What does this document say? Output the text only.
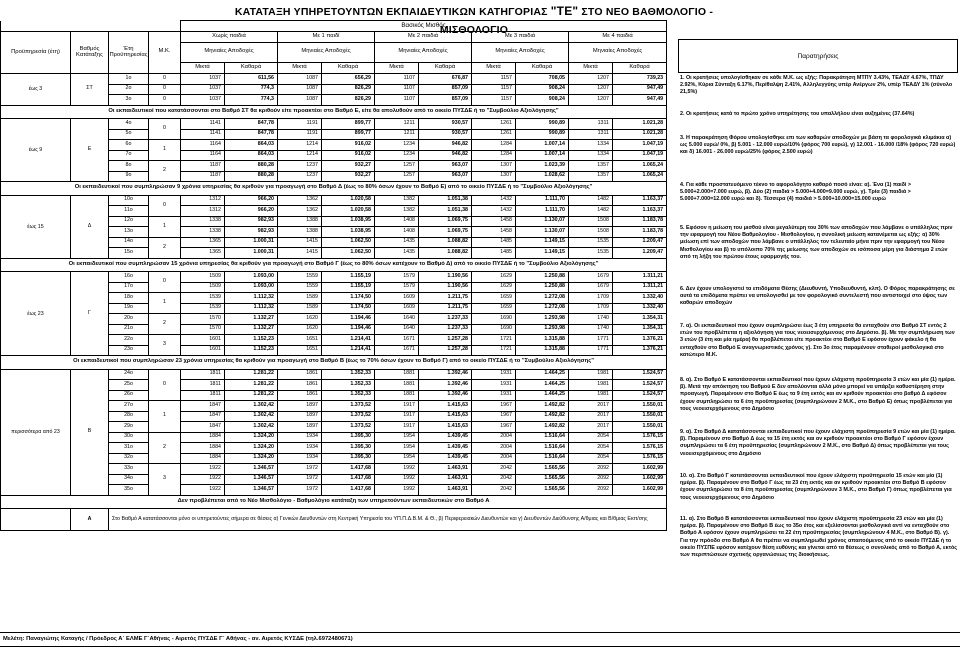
ΚΑΤΑΤΑΞΗ ΥΠΗΡΕΤΟΥΝΤΩΝ ΕΚΠΑΙΔΕΥΤΙΚΩΝ ΚΑΤΗΓΟΡΙΑΣ "ΤΕ" ΣΤΟ ΝΕΟ ΒΑΘΜΟΛΟΓΙΟ - ΜΙΣΘΟΛΟΓΙΟ
				Βασικός Μισθός									
Προϋπηρεσία (έτη)	Βαθμός Κατάταξης	Έτη Προϋπηρεσίας	Μ.Κ.	Χωρίς παιδιά		Με 1 παιδί		Με 2 παιδιά		Με 3 παιδιά		Με 4 παιδιά	
				Μηνιαίες Αποδοχές		Μηνιαίες Αποδοχές		Μηνιαίες Αποδοχές		Μηνιαίες Αποδοχές		Μηνιαίες Αποδοχές	
				Μικτά	Καθαρά	Μικτά	Καθαρά	Μικτά	Καθαρά	Μικτά	Καθαρά	Μικτά	Καθαρά
έως 3	ΣΤ	1ο	0	1037	611,56	1087	656,29	1107	676,87	1157	708,05	1207	739,23
		2ο	0	1037	774,3	1087	826,29	1107	857,09	1157	908,24	1207	947,49
		3ο	0	1037	774,3	1087	826,29	1107	857,09	1157	908,24	1207	947,49
Οι εκπαιδευτικοί που κατατάσσονται στο Βαθμό ΣΤ θα κριθούν είτε προακτέοι στο Βαθμό Ε, είτε θα απολυθούν από το οικείο ΠΥΣΔΕ ή το "Συμβούλιο Αξιολόγησης"													
έως 9	Ε	4ο	0	1141	847,78	1191	899,77	1211	930,57	1261	990,89	1311	1.021,28
		5ο		1141	847,78	1191	899,77	1211	930,57	1261	990,89	1311	1.021,28
		6ο	1	1164	864,03	1214	916,02	1234	946,82	1284	1.007,14	1334	1.047,19
		7ο		1164	864,03	1214	916,02	1234	946,82	1284	1.007,14	1334	1.047,19
		8ο	2	1187	880,28	1237	932,27	1257	963,07	1307	1.023,39	1357	1.065,24
		9ο		1187	880,28	1237	932,27	1257	963,07	1307	1.028,62	1357	1.065,24
Οι εκπαιδευτικοί που συμπληρώσαν 9 χρόνια υπηρεσίας θα κριθούν για προαγωγή στο Βαθμό Δ (έως το 80% όσων έχουν το Βαθμό Ε) από το οικείο ΠΥΣΔΕ ή το "Συμβούλιο Αξιολόγησης"													
έως 15	Δ	10ο	0	1312	966,20	1362	1.020,58	1382	1.051,38	1432	1.111,70	1482	1.163,37
		11ο		1312	966,20	1362	1.020,58	1382	1.051,38	1432	1.111,70	1482	1.163,37
		12ο	1	1338	982,93	1388	1.038,95	1408	1.069,75	1458	1.130,07	1508	1.183,78
		13ο		1338	982,93	1388	1.038,95	1408	1.069,75	1458	1.130,07	1508	1.183,78
		14ο	2	1365	1.000,31	1415	1.062,50	1435	1.088,82	1485	1.149,15	1535	1.209,47
		15ο		1365	1.000,31	1415	1.062,50	1435	1.088,82	1485	1.149,15	1535	1.209,47
Οι εκπαιδευτικοί που συμπληρώσαν 15 χρόνια υπηρεσίας θα κριθούν για προαγωγή στο Βαθμό Γ (έως το 80% όσων κατέχουν το Βαθμό Δ) από το οικείο ΠΥΣΔΕ ή το "Συμβούλιο Αξιολόγησης"													
έως 23	Γ	16ο	0	1509	1.093,00	1559	1.155,19	1579	1.190,56	1629	1.250,88	1679	1.311,21
		17ο		1509	1.093,00	1559	1.155,19	1579	1.190,56	1629	1.250,88	1679	1.311,21
		18ο	1	1539	1.112,32	1589	1.174,50	1609	1.211,75	1659	1.272,08	1709	1.332,40
		19ο		1539	1.112,32	1589	1.174,50	1609	1.211,75	1659	1.272,08	1709	1.332,40
		20ο	2	1570	1.132,27	1620	1.194,46	1640	1.237,33	1690	1.293,98	1740	1.354,31
		21ο		1570	1.132,27	1620	1.194,46	1640	1.237,33	1690	1.293,98	1740	1.354,31
		22ο	3	1601	1.152,23	1651	1.214,41	1671	1.257,28	1721	1.315,88	1771	1.376,21
		23ο		1601	1.152,23	1651	1.214,41	1671	1.257,28	1721	1.315,88	1771	1.376,21
Οι εκπαιδευτικοί που συμπληρώσαν 23 χρόνια υπηρεσίας θα κριθούν για προαγωγή στο Βαθμό Β (έως το 70% όσων έχουν το Βαθμό Γ) από το οικείο ΠΥΣΔΕ ή το "Συμβούλιο Αξιολόγησης"													
περισσότερα από 23	Β	24ο	0	1811	1.281,22	1861	1.352,33	1881	1.392,46	1931	1.464,25	1981	1.524,57
		25ο		1811	1.281,22	1861	1.352,33	1881	1.392,46	1931	1.464,25	1981	1.524,57
		26ο		1811	1.281,22	1861	1.352,33	1881	1.392,46	1931	1.464,25	1981	1.524,57
		27ο	1	1847	1.302,42	1897	1.373,52	1917	1.415,63	1967	1.492,82	2017	1.550,01
		28ο		1847	1.302,42	1897	1.373,52	1917	1.415,63	1967	1.492,82	2017	1.550,01
		29ο		1847	1.302,42	1897	1.373,52	1917	1.415,63	1967	1.492,82	2017	1.550,01
		30ο	2	1884	1.324,20	1934	1.395,30	1954	1.439,45	2004	1.516,64	2054	1.576,15
		31ο		1884	1.324,20	1934	1.395,30	1954	1.439,45	2004	1.516,64	2054	1.576,15
		32ο		1884	1.324,20	1934	1.395,30	1954	1.439,45	2004	1.516,64	2054	1.576,15
		33ο	3	1922	1.346,57	1972	1.417,68	1992	1.463,91	2042	1.565,56	2092	1.602,99
		34ο		1922	1.346,57	1972	1.417,68	1992	1.463,91	2042	1.565,56	2092	1.602,99
		35ο		1922	1.346,57	1972	1.417,68	1992	1.463,91	2042	1.565,56	2092	1.602,99
Δεν προβλέπεται από το Νέο Μισθολόγιο - Βαθμολόγιο κατάταξη των υπηρετούντων εκπαιδευτικών στο Βαθμό Α													
	Α	Στο Βαθμό Α κατατάσσονται μόνο οι υπηρετούντες σήμερα σε θέσεις α) Γενικών Διευθυντών στη Κεντρική Υπηρεσία του ΥΠ.Π.Δ.Β.Μ. & Θ., β) Περιφερειακών Διευθυντών και γ) Διευθυντών Διεύθυνσης Α/θμιας και Β/θμιας Εκπ/σης											
Παρατηρήσεις
1. Οι κρατήσεις υπολογίσθηκαν σε κάθε Μ.Κ. ως εξής: Παρακράτηση ΜΤΠΥ 3.43%, ΤΕΑΔΥ 4.67%, ΤΠΔΥ 2.92%, Κύρια Σύνταξη 6.17%, Περίθαλψη 2.41%, Αλληλεγγύης υπέρ Ανέργων 2%, υπέρ ΤΕΑΔΥ 1% (σύνολο 21,5%)
2. Οι κρατήσεις κατά το πρώτο χρόνο υπηρέτησης του υπαλλήλου είναι αυξημένες (37.64%)
3. Η παρακράτηση Φόρου υπολογίσθηκε επι των καθαρών αποδοχών με βάση τα φορολογικά κλιμάκια α) ως 5.000 ευρώ/ 0%, β) 5.001 - 12.000 ευρώ/10% (φόρος 700 ευρώ), γ) 12.001 - 16.000 /18% (φόρος 720 ευρώ) και δ) 16.001 - 26.000 ευρώ/25% (φόρος 2.500 ευρώ)
4. Για κάθε προστατευόμενο τέκνο το αφορολόγητο καθαρό ποσό είναι: α). Ένα (1) παιδί > 5.000+2.000=7.000 ευρώ, β). Δύο (2) παιδιά > 5.000+4.000=9.000 ευρώ, γ). Τρία (3) παιδιά > 5.000+7.000=12.000 ευρώ και δ). Τέσσερα (4) παιδιά > 5.000+10.000=15.000 ευρώ
5. Εφόσον η μείωση του μισθού είναι μεγαλύτερη του 30% των αποδοχών που λάμβανε ο υπάλληλος πριν την εφαρμογή του Νέου Βαθμολογίου - Μισθολογίου, η συνολική μείωση κατανέμεται ως εξής: α) 30% μείωση επί των αποδοχών που λάμβανε ο υπάλληλος τον τελευταίο μήνα πριν την εφαρμογή του Νέου Μισθολογίου και β) το υπόλοιπο 70% της μείωσης των αποδοχών σε ισόποσα μέρη για διάστημα 2 ετών από τη λήξη του πρώτου έτους εφαρμογής του.
6. Δεν έχουν υπολογιστεί τα επιδόματα Θέσης (Διευθυντή, Υποδιευθυντή, κλπ). Ο Φόρος παρακράτησης σε αυτά τα επιδόματα πρέπει να υπολογισθεί με τον φορολογικό συντελεστή που αντιστοιχεί στο ύψος των καθαρών αποδοχών
7. α). Οι εκπαιδευτικοί που έχουν συμπληρώσει έως 3 έτη υπηρεσία θα ενταχθούν στο Βαθμό ΣΤ εντός 2 ετών του προβλέπεται η αξιολόγηση για τους νεοεισερχόμενους στο Δημόσιο. β). Με την συμπλήρωση των 3 ετών (3 έτη και μία ημέρα) θα προβλέπεται είτε προακτέοι στο Βαθμό Ε εφόσον έχουν φάκελο ή θα ενταχθούν στο Βαθμό Ε αναγνωριστικός χρόνος γ). Στο 3ο έτος παραμένουν σταθεροί μισθολογικά στο κατώτερο Μ.Κ.
8. α). Στο Βαθμό Ε κατατάσσονται εκπαιδευτικοί που έχουν ελάχιστη προϋπηρεσία 3 ετών και μία (1) ημέρα. β). Μετά την απόκτηση του Βαθμού Ε δεν απολύονται αλλά μόνο μπορεί να υπάρξει καθυστέρηση στην προαγωγή. Παραμένουν στο Βαθμό Ε έως τα 9 έτη εκτός και αν κριθούν προακτέοι στο βαθμό Δ εφόσον έχουν συμπληρώσει τα 6 έτη προϋπηρεσίας (συμπληρώνουν 2 Μ.Κ., στο Βαθμό Ε) όπως προβλέπεται για τους νεοεισερχόμενους στο Δημόσιο
9. α). Στο Βαθμό Δ κατατάσσονται εκπαιδευτικοί που έχουν ελάχιστη προϋπηρεσία 9 ετών και μία (1) ημέρα. β). Παραμένουν στο Βαθμό Δ έως τα 15 έτη εκτός και αν κριθούν προακτέοι στο Βαθμό Γ εφόσον έχουν συμπληρώσει τα 6 έτη προϋπηρεσίας (συμπληρώνουν 2 Μ.Κ., στο Βαθμό Δ) όπως προβλέπεται για τους νεοεισερχόμενους στο Δημόσιο
10. α). Στο Βαθμό Γ κατατάσσονται εκπαιδευτικοί που έχουν ελάχιστη προϋπηρεσία 15 ετών και μία (1) ημέρα. β). Παραμένουν στο Βαθμό Γ έως τα 23 έτη εκτός και αν κριθούν προακτέοι στο Βαθμό Β εφόσον έχουν συμπληρώσει τα 8 έτη προϋπηρεσίας (συμπληρώνουν 3 Μ.Κ., στο Βαθμό Γ) όπως προβλέπεται για τους νεοεισερχόμενους στο Δημόσιο
11. α). Στο Βαθμό Β κατατάσσονται εκπαιδευτικοί που έχουν ελάχιστη προϋπηρεσία 23 ετών και μία (1) ημέρα. β). Παραμένουν στο Βαθμό Β έως το 35ο έτος και εξελίσσονται μισθολογικά αντί να ενταχθούν στο Βαθμό Α εφόσον έχουν συμπληρώσει τα 22 έτη προϋπηρεσίας (συμπληρώνουν 4 Μ.Κ., στο Βαθμό Β). γ). Για την πρόοδο στο Βαθμό Α θα πρέπει να συμπληρωθεί χρόνος απαιτούμενος από το οικείο ΠΥΣΔΕ ή το οικείο ΠΥΣΠΕ εφόσον κατέχουν θέση ευθύνης και γίνεται από τα θέσεως ο συνολικός από το Βαθμό Α, εκτός των περιπτώσεων σχετικής οργανώσεως της διοικήσεως.
Μελέτη: Παναγιώτης Καταγής / Πρόεδρος Α΄ ΕΛΜΕ Γ΄Αθήνας - Αιρετός ΠΥΣΔΕ Γ΄ Αθήνας - αν. Αιρετός ΚΥΣΔΕ (τηλ.6972480671)
